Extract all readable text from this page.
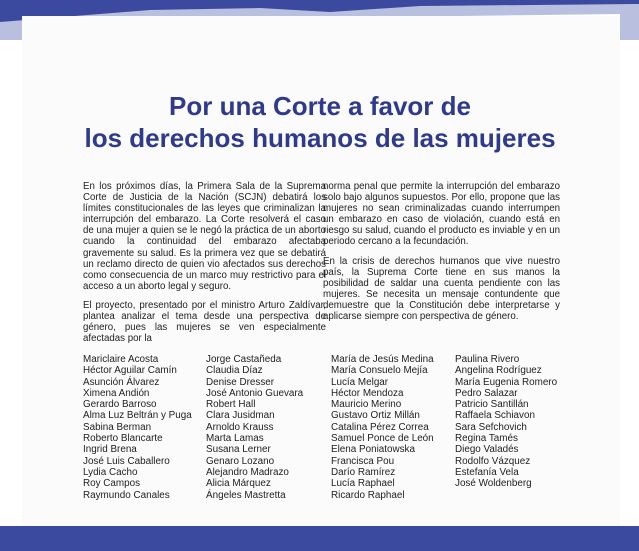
Por una Corte a favor de
los derechos humanos de las mujeres

En los próximos días, la Primera Sala de la Suprema Corte de Justicia de la Nación (SCJN) debatirá los límites constitucionales de las leyes que criminalizan la interrupción del embarazo. La Corte resolverá el caso de una mujer a quien se le negó la práctica de un aborto cuando la continuidad del embarazo afectaba gravemente su salud. Es la primera vez que se debatirá un reclamo directo de quien vio afectados sus derechos como consecuencia de un marco muy restrictivo para el acceso a un aborto legal y seguro.

El proyecto, presentado por el ministro Arturo Zaldívar, plantea analizar el tema desde una perspectiva de género, pues las mujeres se ven especialmente afectadas por la

norma penal que permite la interrupción del embarazo solo bajo algunos supuestos. Por ello, propone que las mujeres no sean criminalizadas cuando interrumpen un embarazo en caso de violación, cuando está en riesgo su salud, cuando el producto es inviable y en un periodo cercano a la fecundación.

En la crisis de derechos humanos que vive nuestro país, la Suprema Corte tiene en sus manos la posibilidad de saldar una cuenta pendiente con las mujeres. Se necesita un mensaje contundente que demuestre que la Constitución debe interpretarse y aplicarse siempre con perspectiva de género.

Mariclaire Acosta
Héctor Aguilar Camín
Asunción Álvarez
Ximena Andión
Gerardo Barroso
Alma Luz Beltrán y Puga
Sabina Berman
Roberto Blancarte
Ingrid Brena
José Luis Caballero
Lydia Cacho
Roy Campos
Raymundo Canales
Jorge Castañeda
Claudia Díaz
Denise Dresser
José Antonio Guevara
Robert Hall
Clara Jusidman
Arnoldo Krauss
Marta Lamas
Susana Lerner
Genaro Lozano
Alejandro Madrazo
Alicia Márquez
Ángeles Mastretta
María de Jesús Medina
María Consuelo Mejía
Lucía Melgar
Héctor Mendoza
Mauricio Merino
Gustavo Ortiz Millán
Catalina Pérez Correa
Samuel Ponce de León
Elena Poniatowska
Francisca Pou
Darío Ramírez
Lucía Raphael
Ricardo Raphael
Paulina Rivero
Angelina Rodríguez
María Eugenia Romero
Pedro Salazar
Patricio Santillán
Raffaela Schiavon
Sara Sefchovich
Regina Tamés
Diego Valadés
Rodolfo Vázquez
Estefanía Vela
José Woldenberg
